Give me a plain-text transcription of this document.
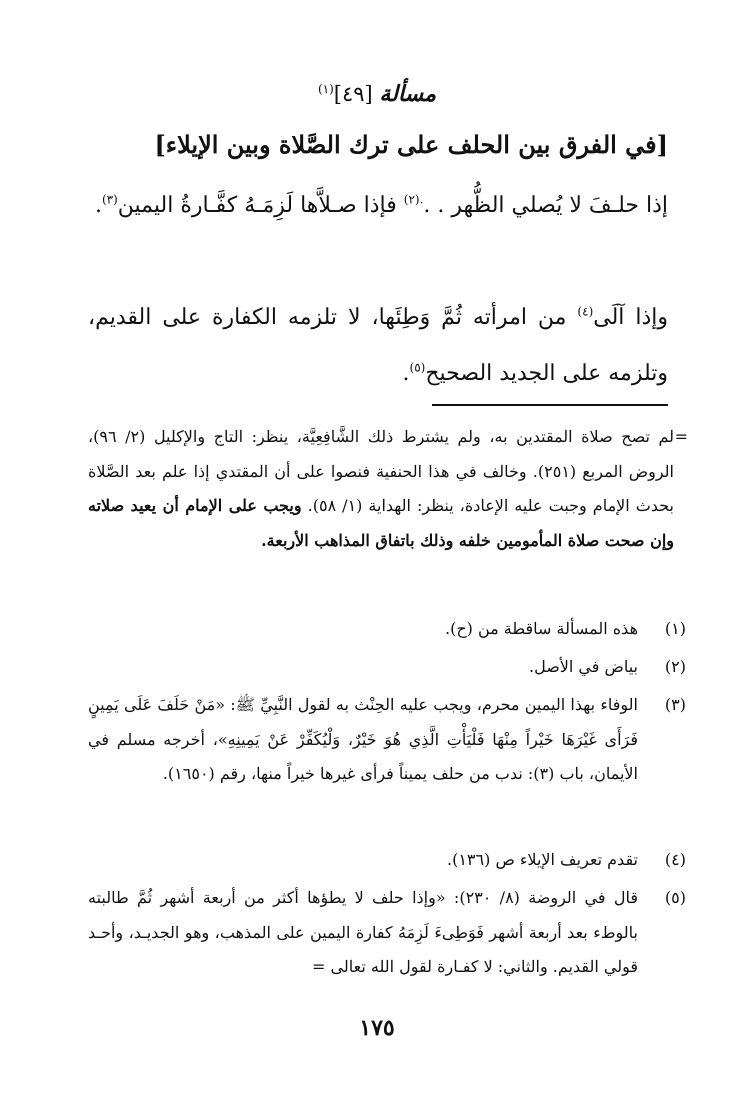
مسألة [٤٩]$^{(١)}$
[في الفرق بين الحلف على ترك الصَّلاة وبين الإيلاء]
إذا حلـفَ لا يُصلي الظُّهر . .$^{.(٢)}$ فإذا صـلاَّها لَزِمَـهُ كفَّـارةُ اليمين$^{(٣)}$.
وإذا آلَى$^{(٤)}$ من امرأته ثُمَّ وَطِئَها، لا تلزمه الكفارة على القديم، وتلزمه على الجديد الصحيح$^{(٥)}$.
=
لم تصح صلاة المقتدين به، ولم يشترط ذلك الشَّافِعِيَّة، ينظر: التاج والإكليل (٢/ ٩٦)، الروض المربع (٢٥١). وخالف في هذا الحنفية فنصوا على أن المقتدي إذا علم بعد الصَّلاة بحدث الإمام وجبت عليه الإعادة، ينظر: الهداية (١/ ٥٨). ويجب على الإمام أن يعيد صلاته وإن صحت صلاة المأمومين خلفه وذلك باتفاق المذاهب الأربعة.
(١)
هذه المسألة ساقطة من (ح).
(٢)
بياض في الأصل.
(٣)
الوفاء بهذا اليمين محرم، ويجب عليه الحِنْث به لقول النَّبِيِّ ﷺ: «مَنْ حَلَفَ عَلَى يَمِينٍ فَرَأَى غَيْرَهَا خَيْراً مِنْهَا فَلْيَأْتِ الَّذِي هُوَ خَيْرٌ، وَلْيُكَفِّرْ عَنْ يَمِينِهِ»، أخرجه مسلم في الأيمان، باب (٣): ندب من حلف يميناً فرأى غيرها خيراً منها، رقم (١٦٥٠).
(٤)
تقدم تعريف الإيلاء ص (١٣٦).
(٥)
قال في الروضة (٨/ ٢٣٠): «وإذا حلف لا يطؤها أكثر من أربعة أشهر ثُمَّ طالبته بالوطء بعد أربعة أشهر فَوَطِىءَ لَزِمَهُ كفارة اليمين على المذهب، وهو الجديـد، وأحـد قولي القديم. والثاني: لا كفـارة لقول الله تعالى =
١٧٥
